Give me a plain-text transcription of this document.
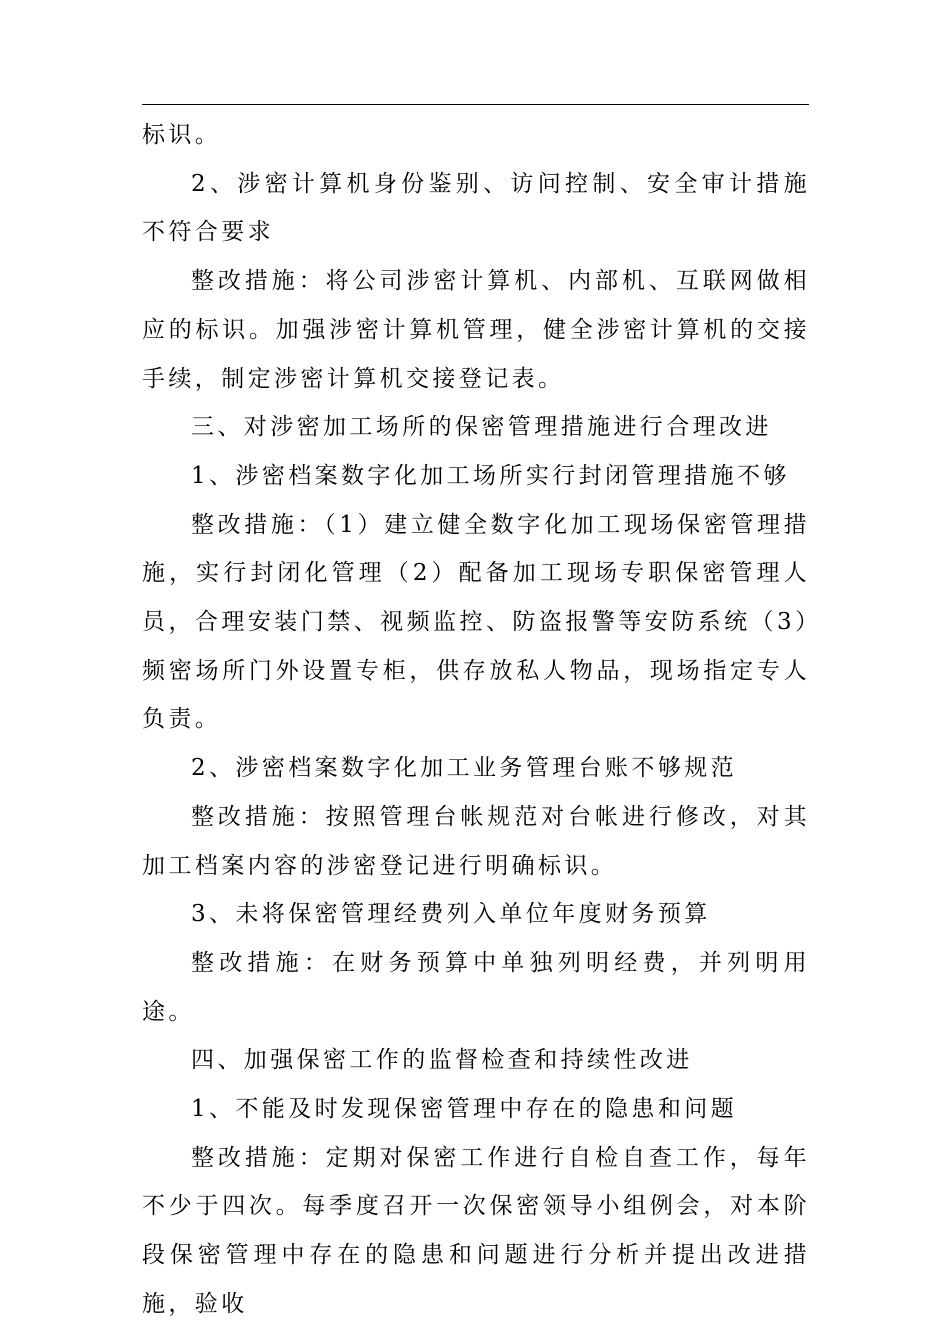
标识。

2、涉密计算机身份鉴别、访问控制、安全审计措施不符合要求

整改措施：将公司涉密计算机、内部机、互联网做相应的标识。加强涉密计算机管理，健全涉密计算机的交接手续，制定涉密计算机交接登记表。

三、对涉密加工场所的保密管理措施进行合理改进

1、涉密档案数字化加工场所实行封闭管理措施不够

整改措施：（1）建立健全数字化加工现场保密管理措施，实行封闭化管理（2）配备加工现场专职保密管理人员，合理安装门禁、视频监控、防盗报警等安防系统（3）频密场所门外设置专柜，供存放私人物品，现场指定专人负责。

2、涉密档案数字化加工业务管理台账不够规范

整改措施：按照管理台帐规范对台帐进行修改，对其加工档案内容的涉密登记进行明确标识。

3、未将保密管理经费列入单位年度财务预算

整改措施：在财务预算中单独列明经费，并列明用途。

四、加强保密工作的监督检查和持续性改进

1、不能及时发现保密管理中存在的隐患和问题

整改措施：定期对保密工作进行自检自查工作，每年不少于四次。每季度召开一次保密领导小组例会，对本阶段保密管理中存在的隐患和问题进行分析并提出改进措施，验收
